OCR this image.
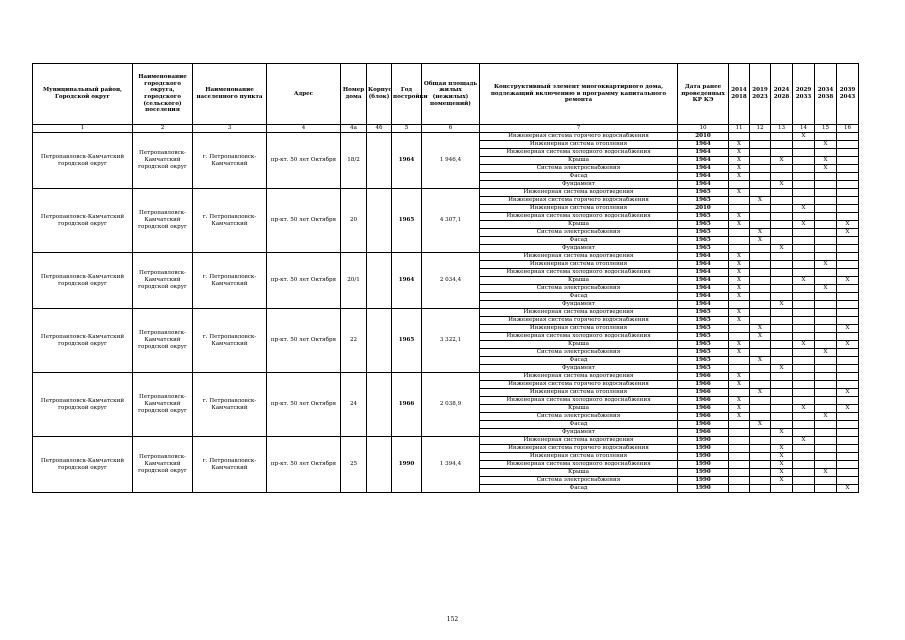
Муниципальный район, Городской округ	Наименование городского округа, городского (сельского) поселения	Наименование населенного пункта	Адрес	Номер дома	Корпус (блок)	Год постройки	Общая площадь жилых (нежилых) помещений)	Конструктивный элемент многоквартирного дома, подлежащий включению в программу капитального ремонта	Дата ранее проведенных КР КЭ	2014 2018	2019 2023	2024 2028	2029 2033	2034 2038	2039 2043
1	2	3	4	4а	4б	5	6	7	10	11	12	13	14	15	16
Петропавловск-Камчатский городской округ	Петропавловск-Камчатский городской округ	г. Петропавловск-Камчатский	пр-кт. 50 лет Октября	18/2		1964	1 946,4	Инженерная система горячего водоснабжения	2010				X		
								Инженерная система отопления	1964	X				X	
								Инженерная система холодного водоснабжения	1964	X					
								Крыша	1964	X		X		X	
								Система электроснабжения	1964	X				X	
								Фасад	1964	X					
								Фундамент	1964			X			
Петропавловск-Камчатский городской округ	Петропавловск-Камчатский городской округ	г. Петропавловск-Камчатский	пр-кт. 50 лет Октября	20		1965	4 307,1	Инженерная система водоотведения	1965	X					
								Инженерная система горячего водоснабжения	1965		X				
								Инженерная система отопления	2010				X		
								Инженерная система холодного водоснабжения	1965	X					
								Крыша	1965	X			X		X
								Система электроснабжения	1965		X				X
								Фасад	1965		X				
								Фундамент	1965			X			
Петропавловск-Камчатский городской округ	Петропавловск-Камчатский городской округ	г. Петропавловск-Камчатский	пр-кт. 50 лет Октября	20/1		1964	2 034,4	Инженерная система водоотведения	1964	X					
								Инженерная система отопления	1964	X				X	
								Инженерная система холодного водоснабжения	1964	X					
								Крыша	1964	X			X		X
								Система электроснабжения	1964	X				X	
								Фасад	1964	X					
								Фундамент	1964			X			
Петропавловск-Камчатский городской округ	Петропавловск-Камчатский городской округ	г. Петропавловск-Камчатский	пр-кт. 50 лет Октября	22		1965	3 322,1	Инженерная система водоотведения	1965	X					
								Инженерная система горячего водоснабжения	1965	X					
								Инженерная система отопления	1965		X				X
								Инженерная система холодного водоснабжения	1965		X				
								Крыша	1965	X			X		X
								Система электроснабжения	1965	X				X	
								Фасад	1965		X				
								Фундамент	1965			X			
Петропавловск-Камчатский городской округ	Петропавловск-Камчатский городской округ	г. Петропавловск-Камчатский	пр-кт. 50 лет Октября	24		1966	2 038,9	Инженерная система водоотведения	1966	X					
								Инженерная система горячего водоснабжения	1966	X					
								Инженерная система отопления	1966		X				X
								Инженерная система холодного водоснабжения	1966	X					
								Крыша	1966	X			X		X
								Система электроснабжения	1966	X				X	
								Фасад	1966		X				
								Фундамент	1966			X			
Петропавловск-Камчатский городской округ	Петропавловск-Камчатский городской округ	г. Петропавловск-Камчатский	пр-кт. 50 лет Октября	25		1990	1 394,4	Инженерная система водоотведения	1990				X		
								Инженерная система горячего водоснабжения	1990			X			
								Инженерная система отопления	1990			X			
								Инженерная система холодного водоснабжения	1990			X			
								Крыша	1990			X		X	
								Система электроснабжения	1990			X			
								Фасад	1990						X
152
